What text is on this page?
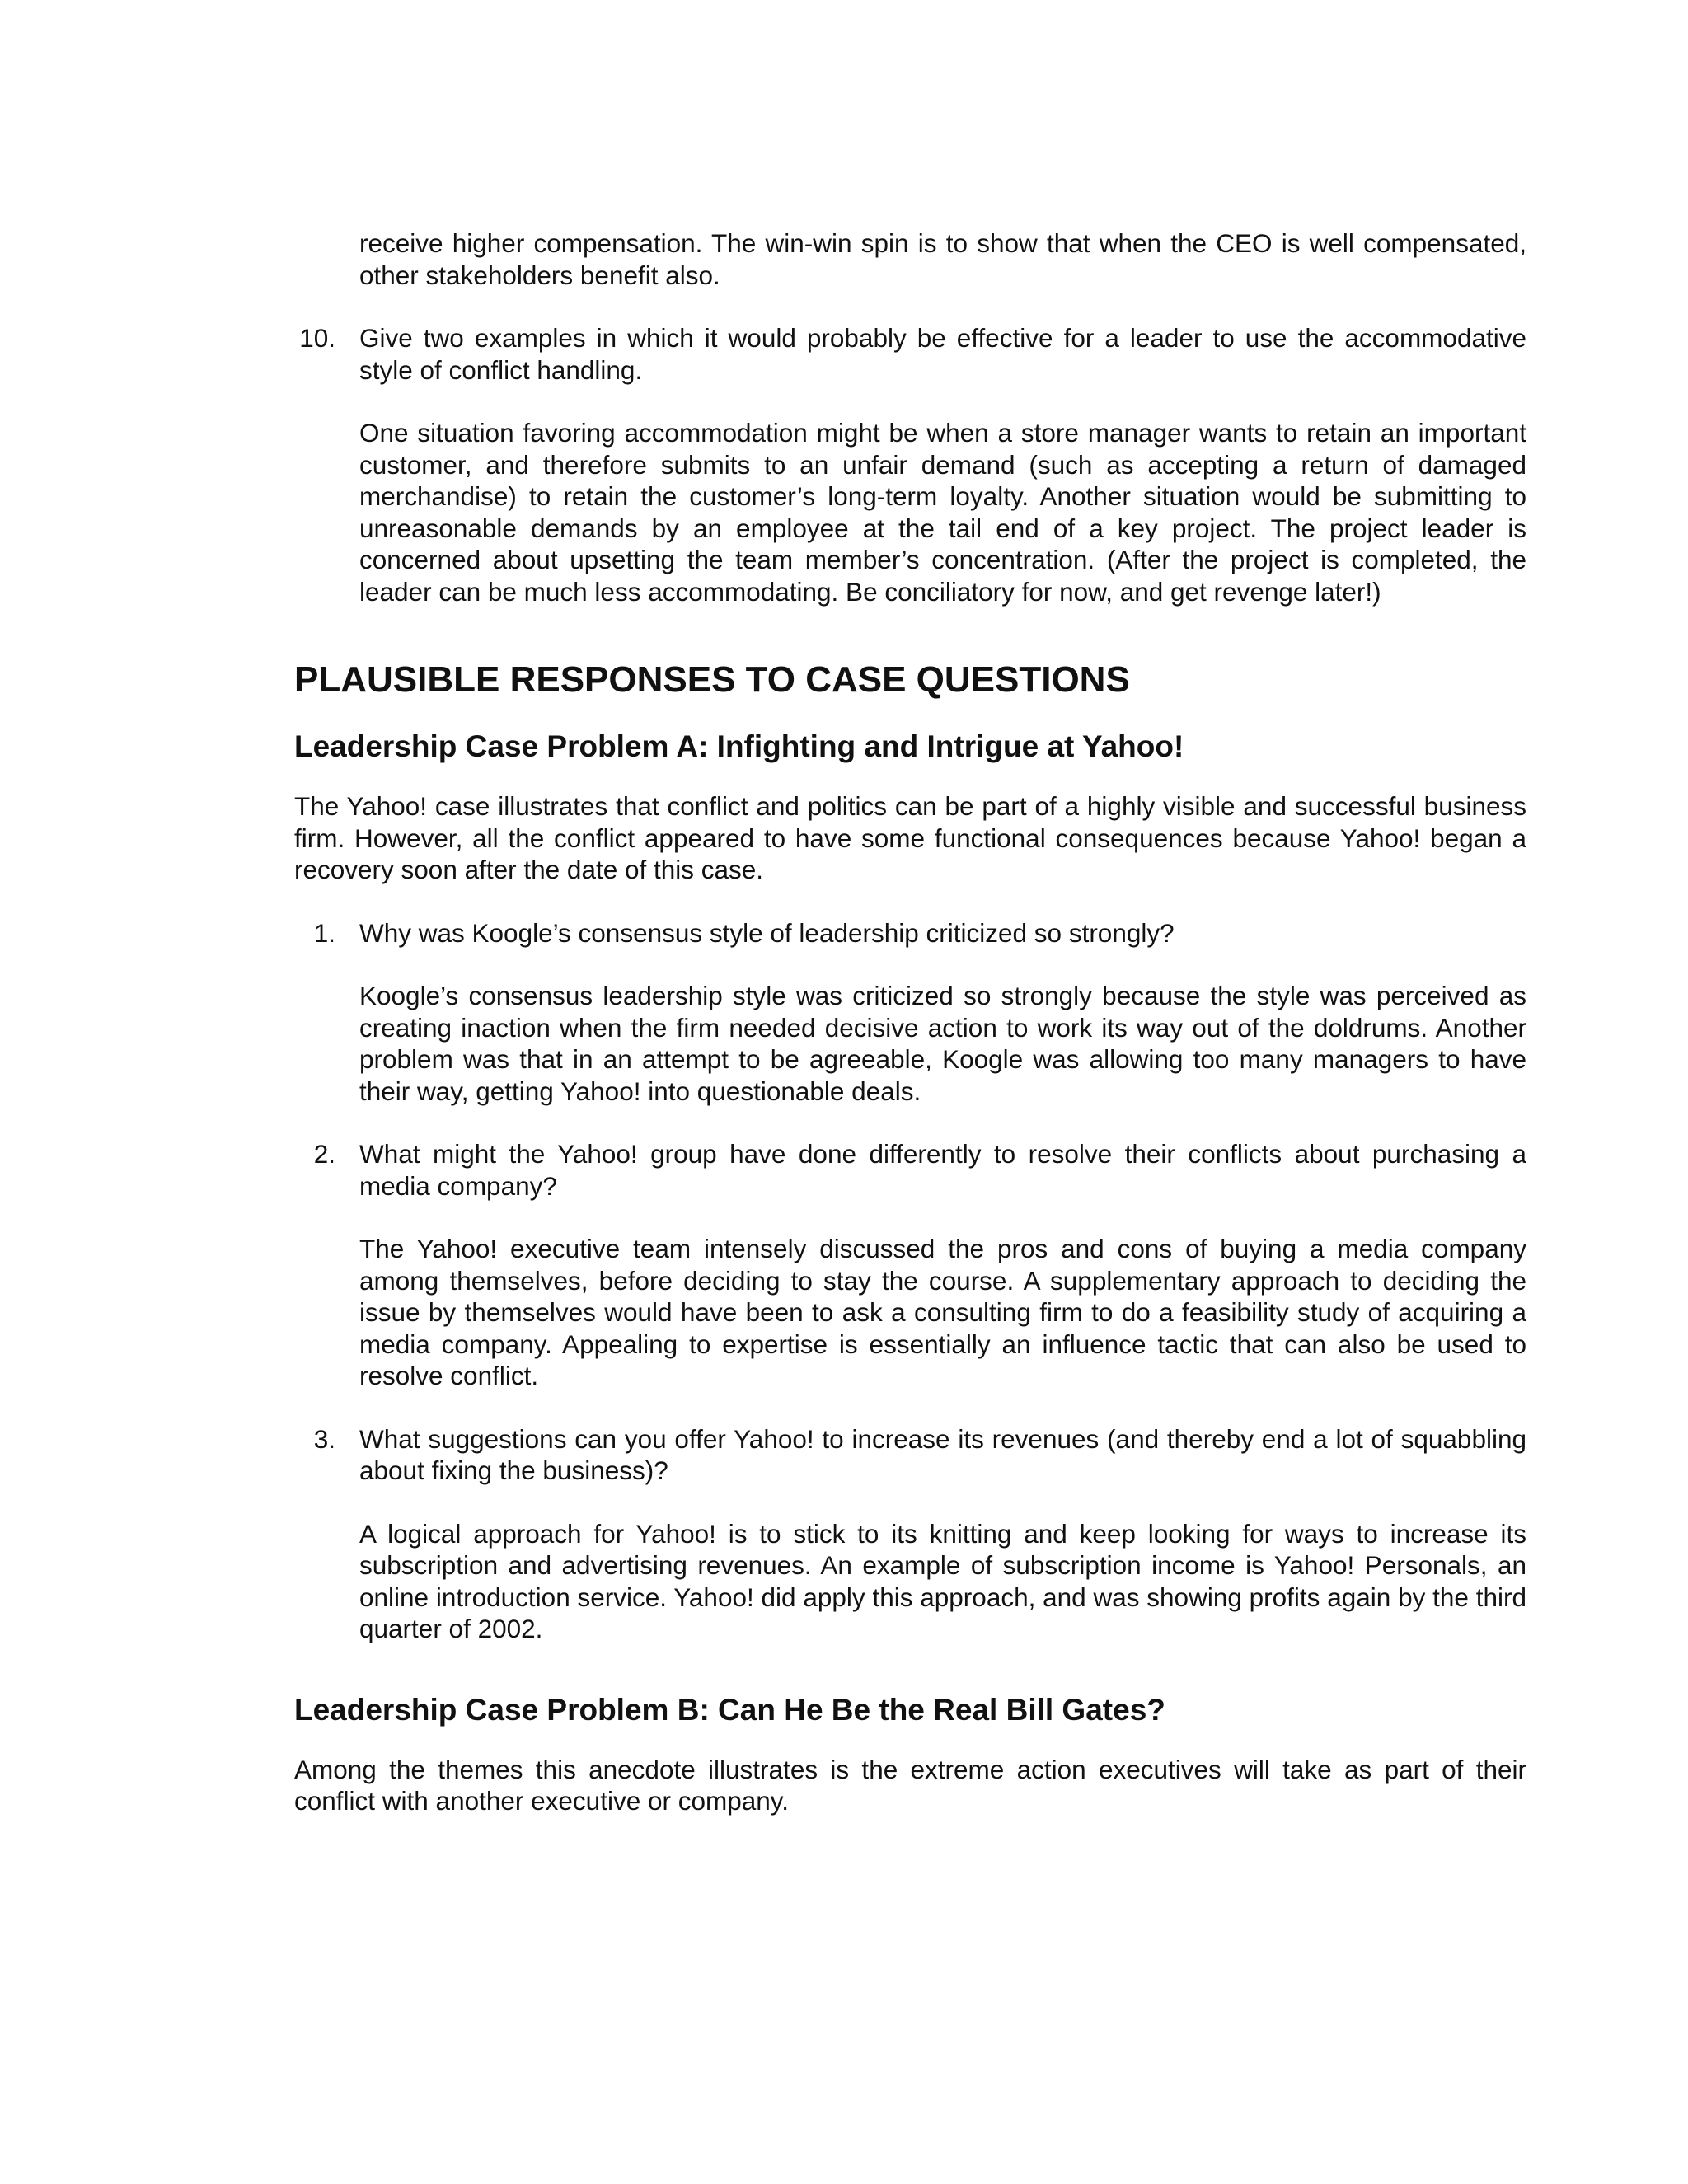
receive higher compensation. The win-win spin is to show that when the CEO is well compensated, other stakeholders benefit also.

10. Give two examples in which it would probably be effective for a leader to use the accommodative style of conflict handling.

One situation favoring accommodation might be when a store manager wants to retain an important customer, and therefore submits to an unfair demand (such as accepting a return of damaged merchandise) to retain the customer’s long-term loyalty. Another situation would be submitting to unreasonable demands by an employee at the tail end of a key project. The project leader is concerned about upsetting the team member’s concentration. (After the project is completed, the leader can be much less accommodating. Be conciliatory for now, and get revenge later!)

PLAUSIBLE RESPONSES TO CASE QUESTIONS
Leadership Case Problem A: Infighting and Intrigue at Yahoo!

The Yahoo! case illustrates that conflict and politics can be part of a highly visible and successful business firm. However, all the conflict appeared to have some functional consequences because Yahoo! began a recovery soon after the date of this case.

1. Why was Koogle’s consensus style of leadership criticized so strongly?

Koogle’s consensus leadership style was criticized so strongly because the style was perceived as creating inaction when the firm needed decisive action to work its way out of the doldrums. Another problem was that in an attempt to be agreeable, Koogle was allowing too many managers to have their way, getting Yahoo! into questionable deals.

2. What might the Yahoo! group have done differently to resolve their conflicts about purchasing a media company?

The Yahoo! executive team intensely discussed the pros and cons of buying a media company among themselves, before deciding to stay the course. A supplementary approach to deciding the issue by themselves would have been to ask a consulting firm to do a feasibility study of acquiring a media company. Appealing to expertise is essentially an influence tactic that can also be used to resolve conflict.

3. What suggestions can you offer Yahoo! to increase its revenues (and thereby end a lot of squabbling about fixing the business)?

A logical approach for Yahoo! is to stick to its knitting and keep looking for ways to increase its subscription and advertising revenues. An example of subscription income is Yahoo! Personals, an online introduction service. Yahoo! did apply this approach, and was showing profits again by the third quarter of 2002.

Leadership Case Problem B: Can He Be the Real Bill Gates?

Among the themes this anecdote illustrates is the extreme action executives will take as part of their conflict with another executive or company.
